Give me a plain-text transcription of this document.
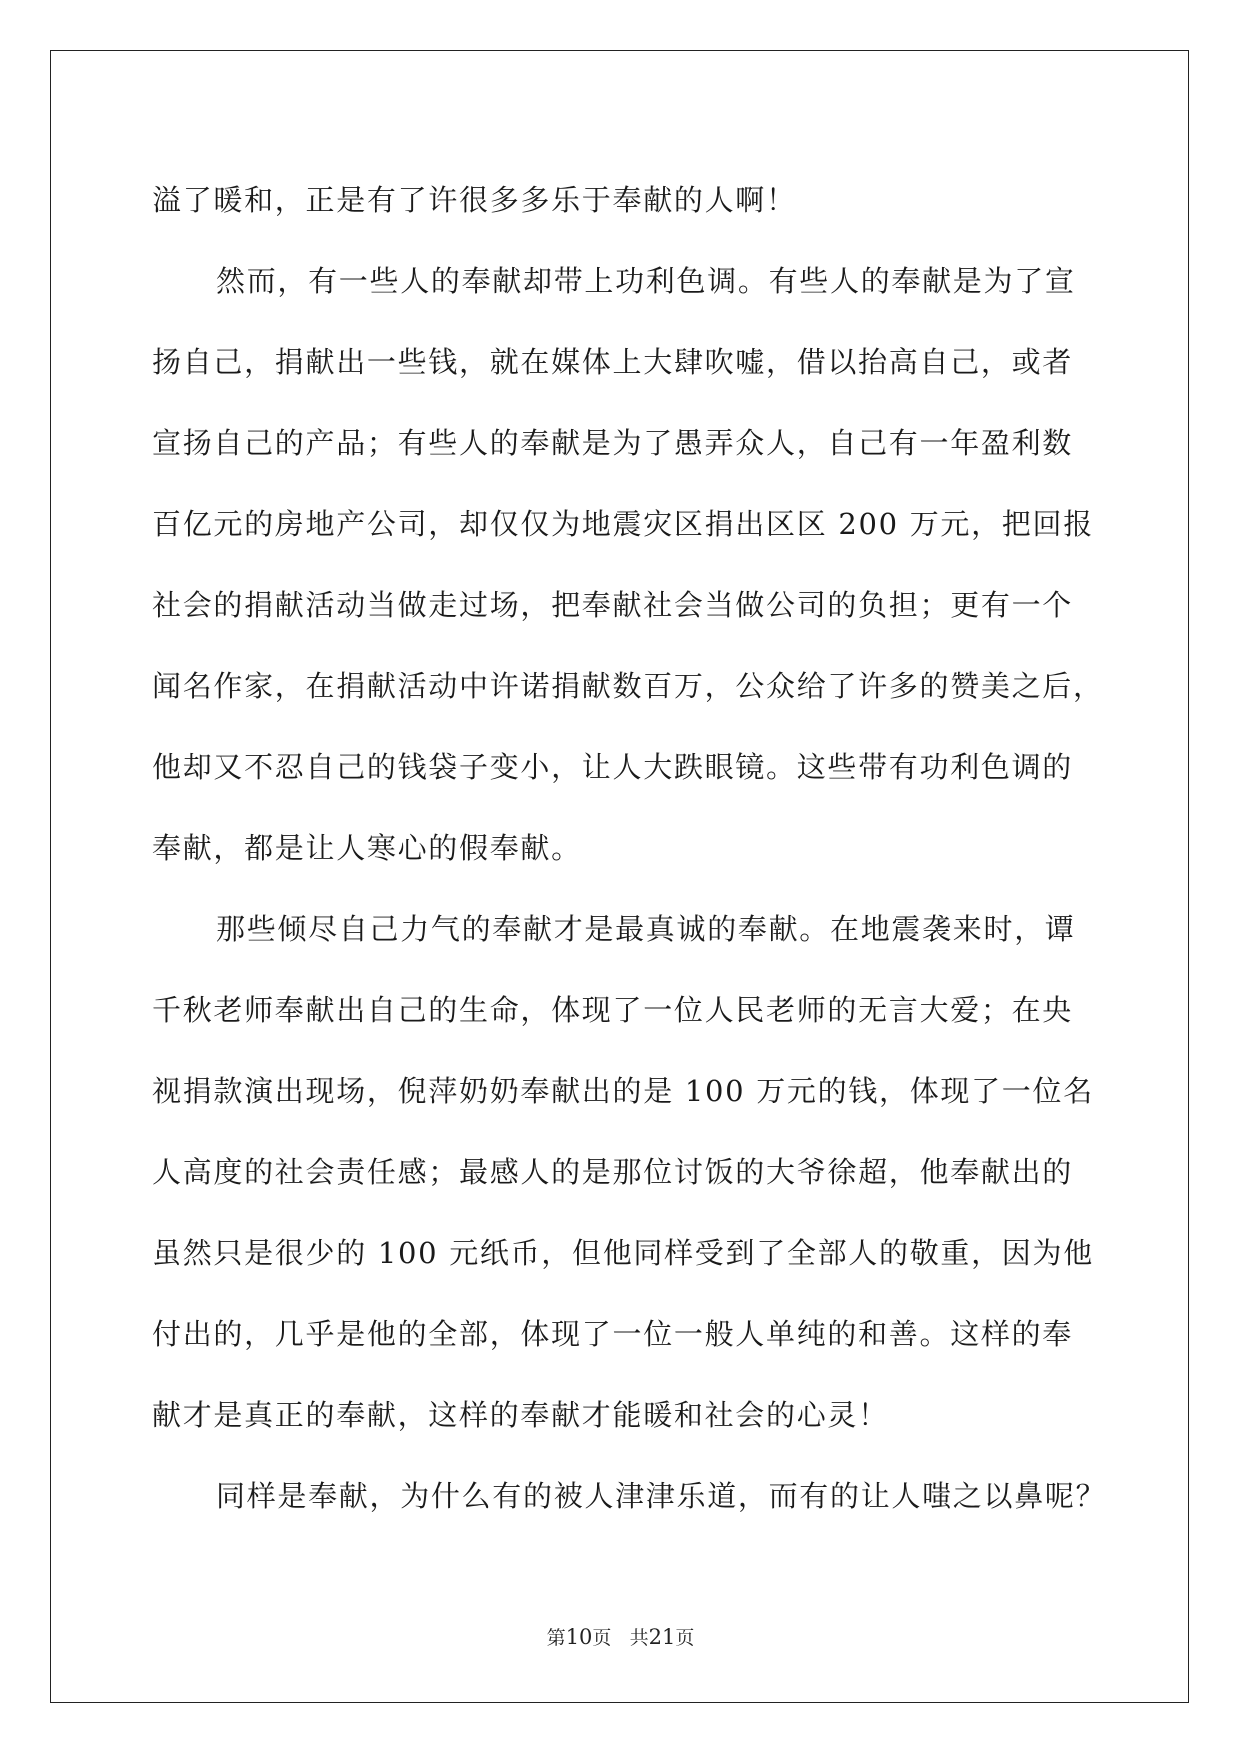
溢了暖和，正是有了许很多多乐于奉献的人啊！
然而，有一些人的奉献却带上功利色调。有些人的奉献是为了宣
扬自己，捐献出一些钱，就在媒体上大肆吹嘘，借以抬高自己，或者
宣扬自己的产品；有些人的奉献是为了愚弄众人，自己有一年盈利数
百亿元的房地产公司，却仅仅为地震灾区捐出区区 200 万元，把回报
社会的捐献活动当做走过场，把奉献社会当做公司的负担；更有一个
闻名作家，在捐献活动中许诺捐献数百万，公众给了许多的赞美之后，
他却又不忍自己的钱袋子变小，让人大跌眼镜。这些带有功利色调的
奉献，都是让人寒心的假奉献。
那些倾尽自己力气的奉献才是最真诚的奉献。在地震袭来时，谭
千秋老师奉献出自己的生命，体现了一位人民老师的无言大爱；在央
视捐款演出现场，倪萍奶奶奉献出的是 100 万元的钱，体现了一位名
人高度的社会责任感；最感人的是那位讨饭的大爷徐超，他奉献出的
虽然只是很少的 100 元纸币，但他同样受到了全部人的敬重，因为他
付出的，几乎是他的全部，体现了一位一般人单纯的和善。这样的奉
献才是真正的奉献，这样的奉献才能暖和社会的心灵！
同样是奉献，为什么有的被人津津乐道，而有的让人嗤之以鼻呢？
第10页 共21页
